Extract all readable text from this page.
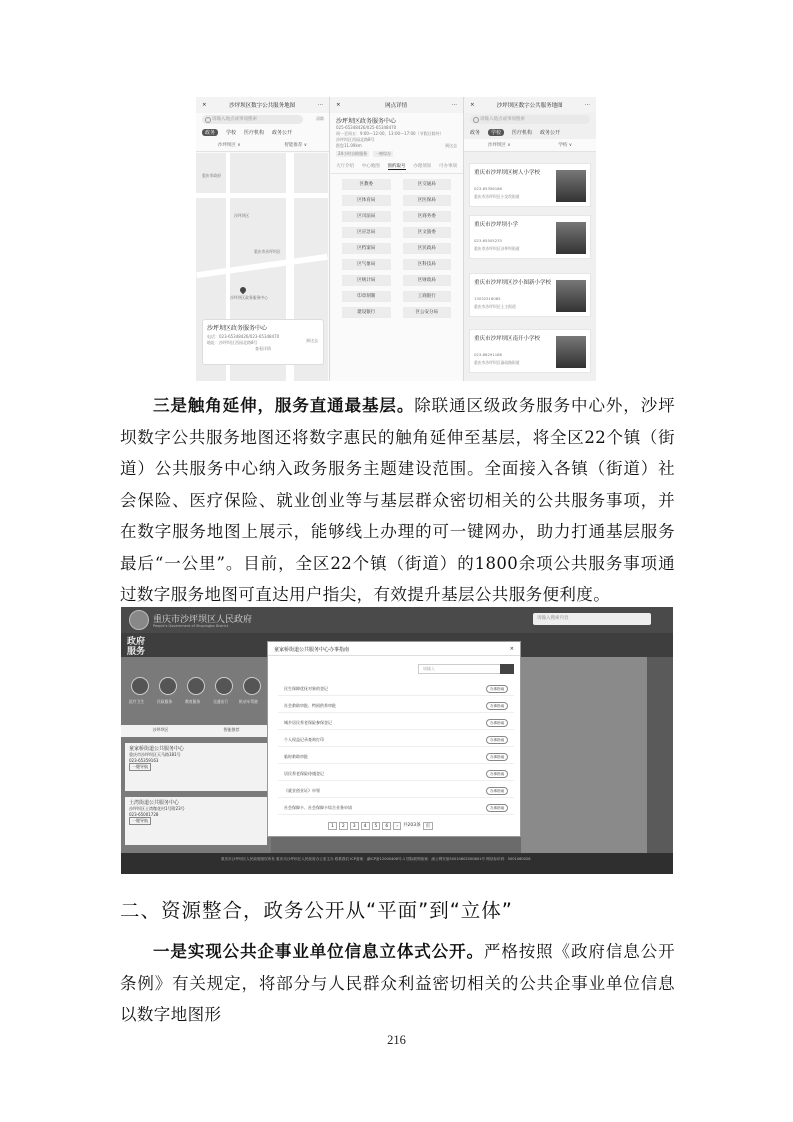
×	沙坪坝区数字公共服务地图	···
请输入地点或事项搜索	清除
政务	学校 医疗机构 政务公开
沙坪坝区 ∨	智能推荐 ∨
沙坪坝区
重庆市沙坪坝区
沙坪坝区政务服务中心
重庆市政府
沙坪坝区政务服务中心
电话：023-65348426/023-65348470
地址：沙坪坝区西园北路8号	到这去
查看详情
×	网点详情	···
沙坪坝区政务服务中心
025-65348426/025-65348470
周一至周五：9:00—12:00，13:00—17:00（节假日除外）
沙坪坝区西园北路8号
距您11.09km	到这去
24小时自助服务	一窗综办
大厅介绍 中心地图 预约取号 办理须知 可办事项
区教委	区交通局
区体育局	区医保局
区司法局	区商务委
区应急局	区文旅委
区档案局	区民政局
区气象局	区科技局
区统计局	区财政局
印章刻制	工商银行
建设银行	区公安分局
×	沙坪坝区数字公共服务地图	···
请输入地点或事项搜索
政务	学校	医疗机构 政务公开
沙坪坝区 ∨	学校 ∨
重庆市沙坪坝区树人小学校
023-65356186
重庆市沙坪坝区小龙坎街道
重庆市沙坪坝小学
023-65505233
重庆市沙坪坝区沙坪坝街道
重庆市沙坪坝区沙小图新小学校
13032516065
重庆市沙坪坝区土主街道
重庆市沙坪坝区南开小学校
023-86291186
重庆市沙坪坝区渝碚路街道
三是触角延伸，服务直通最基层。除联通区级政务服务中心外，沙坪坝数字公共服务地图还将数字惠民的触角延伸至基层，将全区22个镇（街道）公共服务中心纳入政务服务主题建设范围。全面接入各镇（街道）社会保险、医疗保险、就业创业等与基层群众密切相关的公共服务事项，并在数字服务地图上展示，能够线上办理的可一键网办，助力打通基层服务最后“一公里”。目前，全区22个镇（街道）的1800余项公共服务事项通过数字服务地图可直达用户指尖，有效提升基层公共服务便利度。
重庆市沙坪坝区人民政府
People's Government of Shapingba District
请输入搜索内容
政府服务
医疗卫生	民政服务	教育服务	交通出行	机动车驾驶
沙坪坝区	智能推荐
童家桥街道公共服务中心
重庆市沙坪坝区天马路181号
023-65359163
一键导航
土湾街道公共服务中心
沙坪坝区土湾微花村1号附23号
023-65001728
一键导航
童家桥街道公共服务中心办事指南	×
请输入
民生保障优抚对象的登记	办事指南
社会救助审批、特困供养审批	办事指南
城乡居民养老保险参保登记	办事指南
个人权益记录查询打印	办事指南
临时救助审批	办事指南
居民养老保险待遇登记	办事指南
《就业创业证》申领	办事指南
社会保障卡、社会保障卡综合业务申请	办事指南
1	2	3	4	5	6	›	共203条	页
重庆市沙坪坝区人民政府版权所有 重庆市沙坪坝区人民政府办公室主办 联系我们 ICP备案：渝ICP备12000406号-1 国际联网备案：渝公网安备50010602500801号 网站标识码：5001060026
二、资源整合，政务公开从“平面”到“立体”
一是实现公共企事业单位信息立体式公开。严格按照《政府信息公开条例》有关规定，将部分与人民群众利益密切相关的公共企事业单位信息以数字地图形
216
